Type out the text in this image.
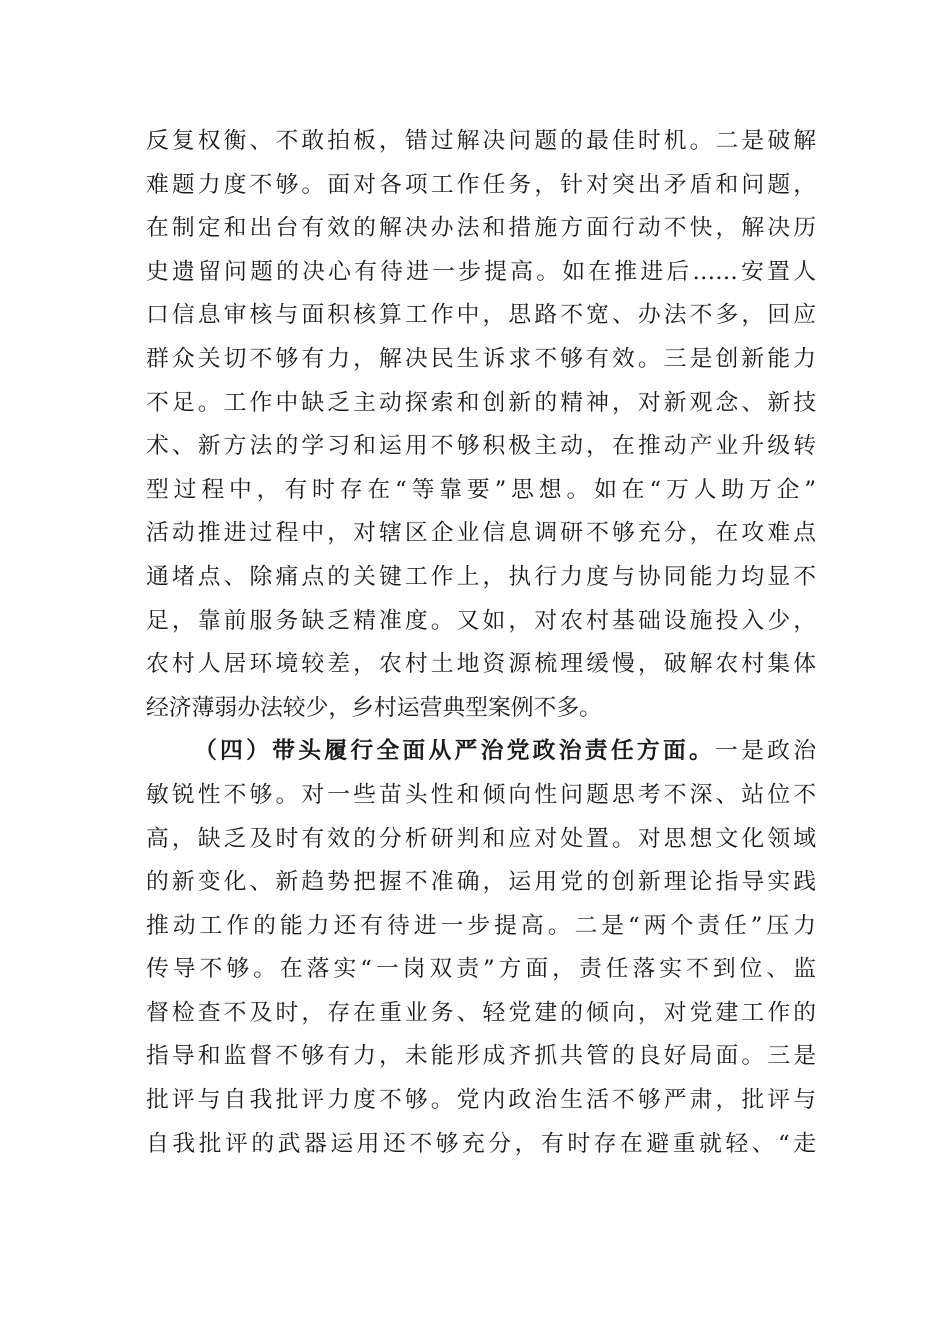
反复权衡、不敢拍板，错过解决问题的最佳时机。二是破解
难题力度不够。面对各项工作任务，针对突出矛盾和问题，
在制定和出台有效的解决办法和措施方面行动不快，解决历
史遗留问题的决心有待进一步提高。如在推进后……安置人
口信息审核与面积核算工作中，思路不宽、办法不多，回应
群众关切不够有力，解决民生诉求不够有效。三是创新能力
不足。工作中缺乏主动探索和创新的精神，对新观念、新技
术、新方法的学习和运用不够积极主动，在推动产业升级转
型过程中，有时存在“等靠要”思想。如在“万人助万企”
活动推进过程中，对辖区企业信息调研不够充分，在攻难点
通堵点、除痛点的关键工作上，执行力度与协同能力均显不
足，靠前服务缺乏精准度。又如，对农村基础设施投入少，
农村人居环境较差，农村土地资源梳理缓慢，破解农村集体
经济薄弱办法较少，乡村运营典型案例不多。
（四）带头履行全面从严治党政治责任方面。一是政治
敏锐性不够。对一些苗头性和倾向性问题思考不深、站位不
高，缺乏及时有效的分析研判和应对处置。对思想文化领域
的新变化、新趋势把握不准确，运用党的创新理论指导实践
推动工作的能力还有待进一步提高。二是“两个责任”压力
传导不够。在落实“一岗双责”方面，责任落实不到位、监
督检查不及时，存在重业务、轻党建的倾向，对党建工作的
指导和监督不够有力，未能形成齐抓共管的良好局面。三是
批评与自我批评力度不够。党内政治生活不够严肃，批评与
自我批评的武器运用还不够充分，有时存在避重就轻、“走
